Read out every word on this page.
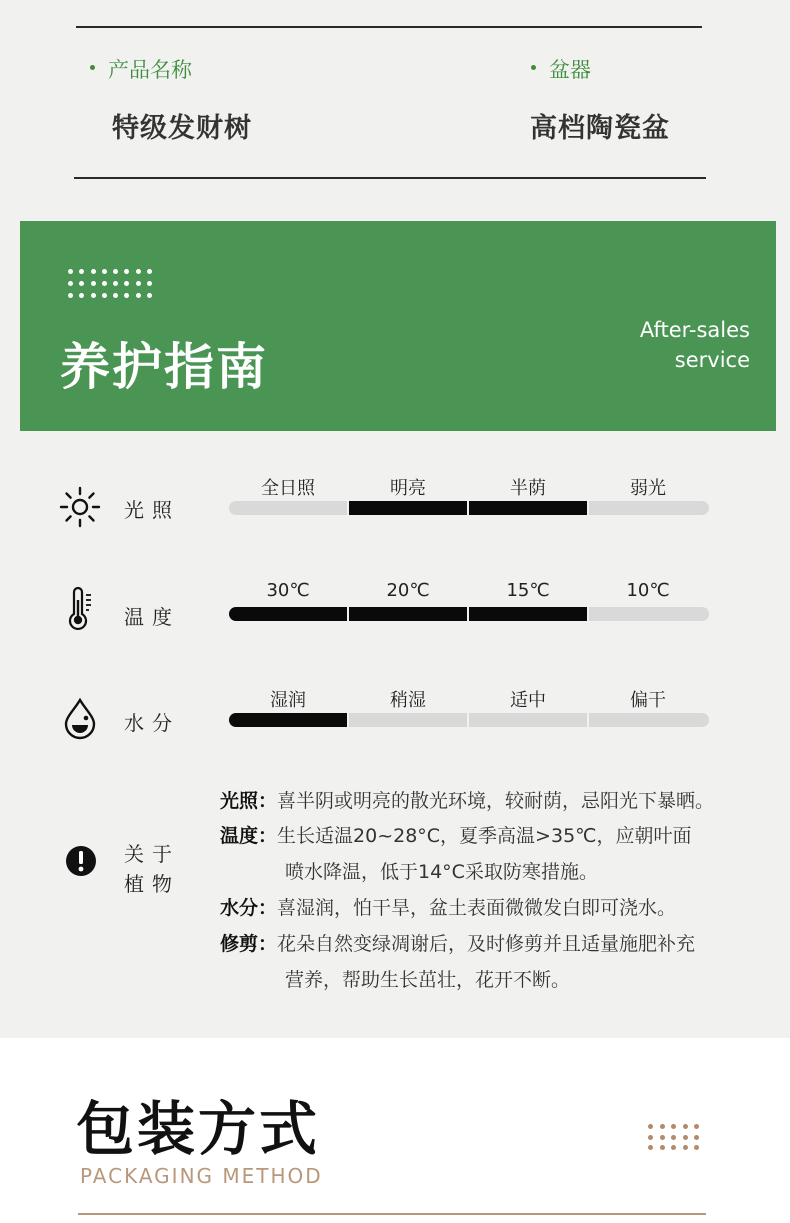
产品名称
特级发财树
盆器
高档陶瓷盆
养护指南
After-sales
service
光照
全日照	明亮	半荫	弱光
温度
30℃	20℃	15℃	10℃
水分
湿润	稍湿	适中	偏干
关于
植物
光照：喜半阴或明亮的散光环境，较耐荫，忌阳光下暴晒。
温度：生长适温20~28°C，夏季高温>35℃，应朝叶面
喷水降温，低于14°C采取防寒措施。
水分：喜湿润，怕干旱，盆土表面微微发白即可浇水。
修剪：花朵自然变绿凋谢后，及时修剪并且适量施肥补充
营养，帮助生长茁壮，花开不断。
包装方式
PACKAGING METHOD
